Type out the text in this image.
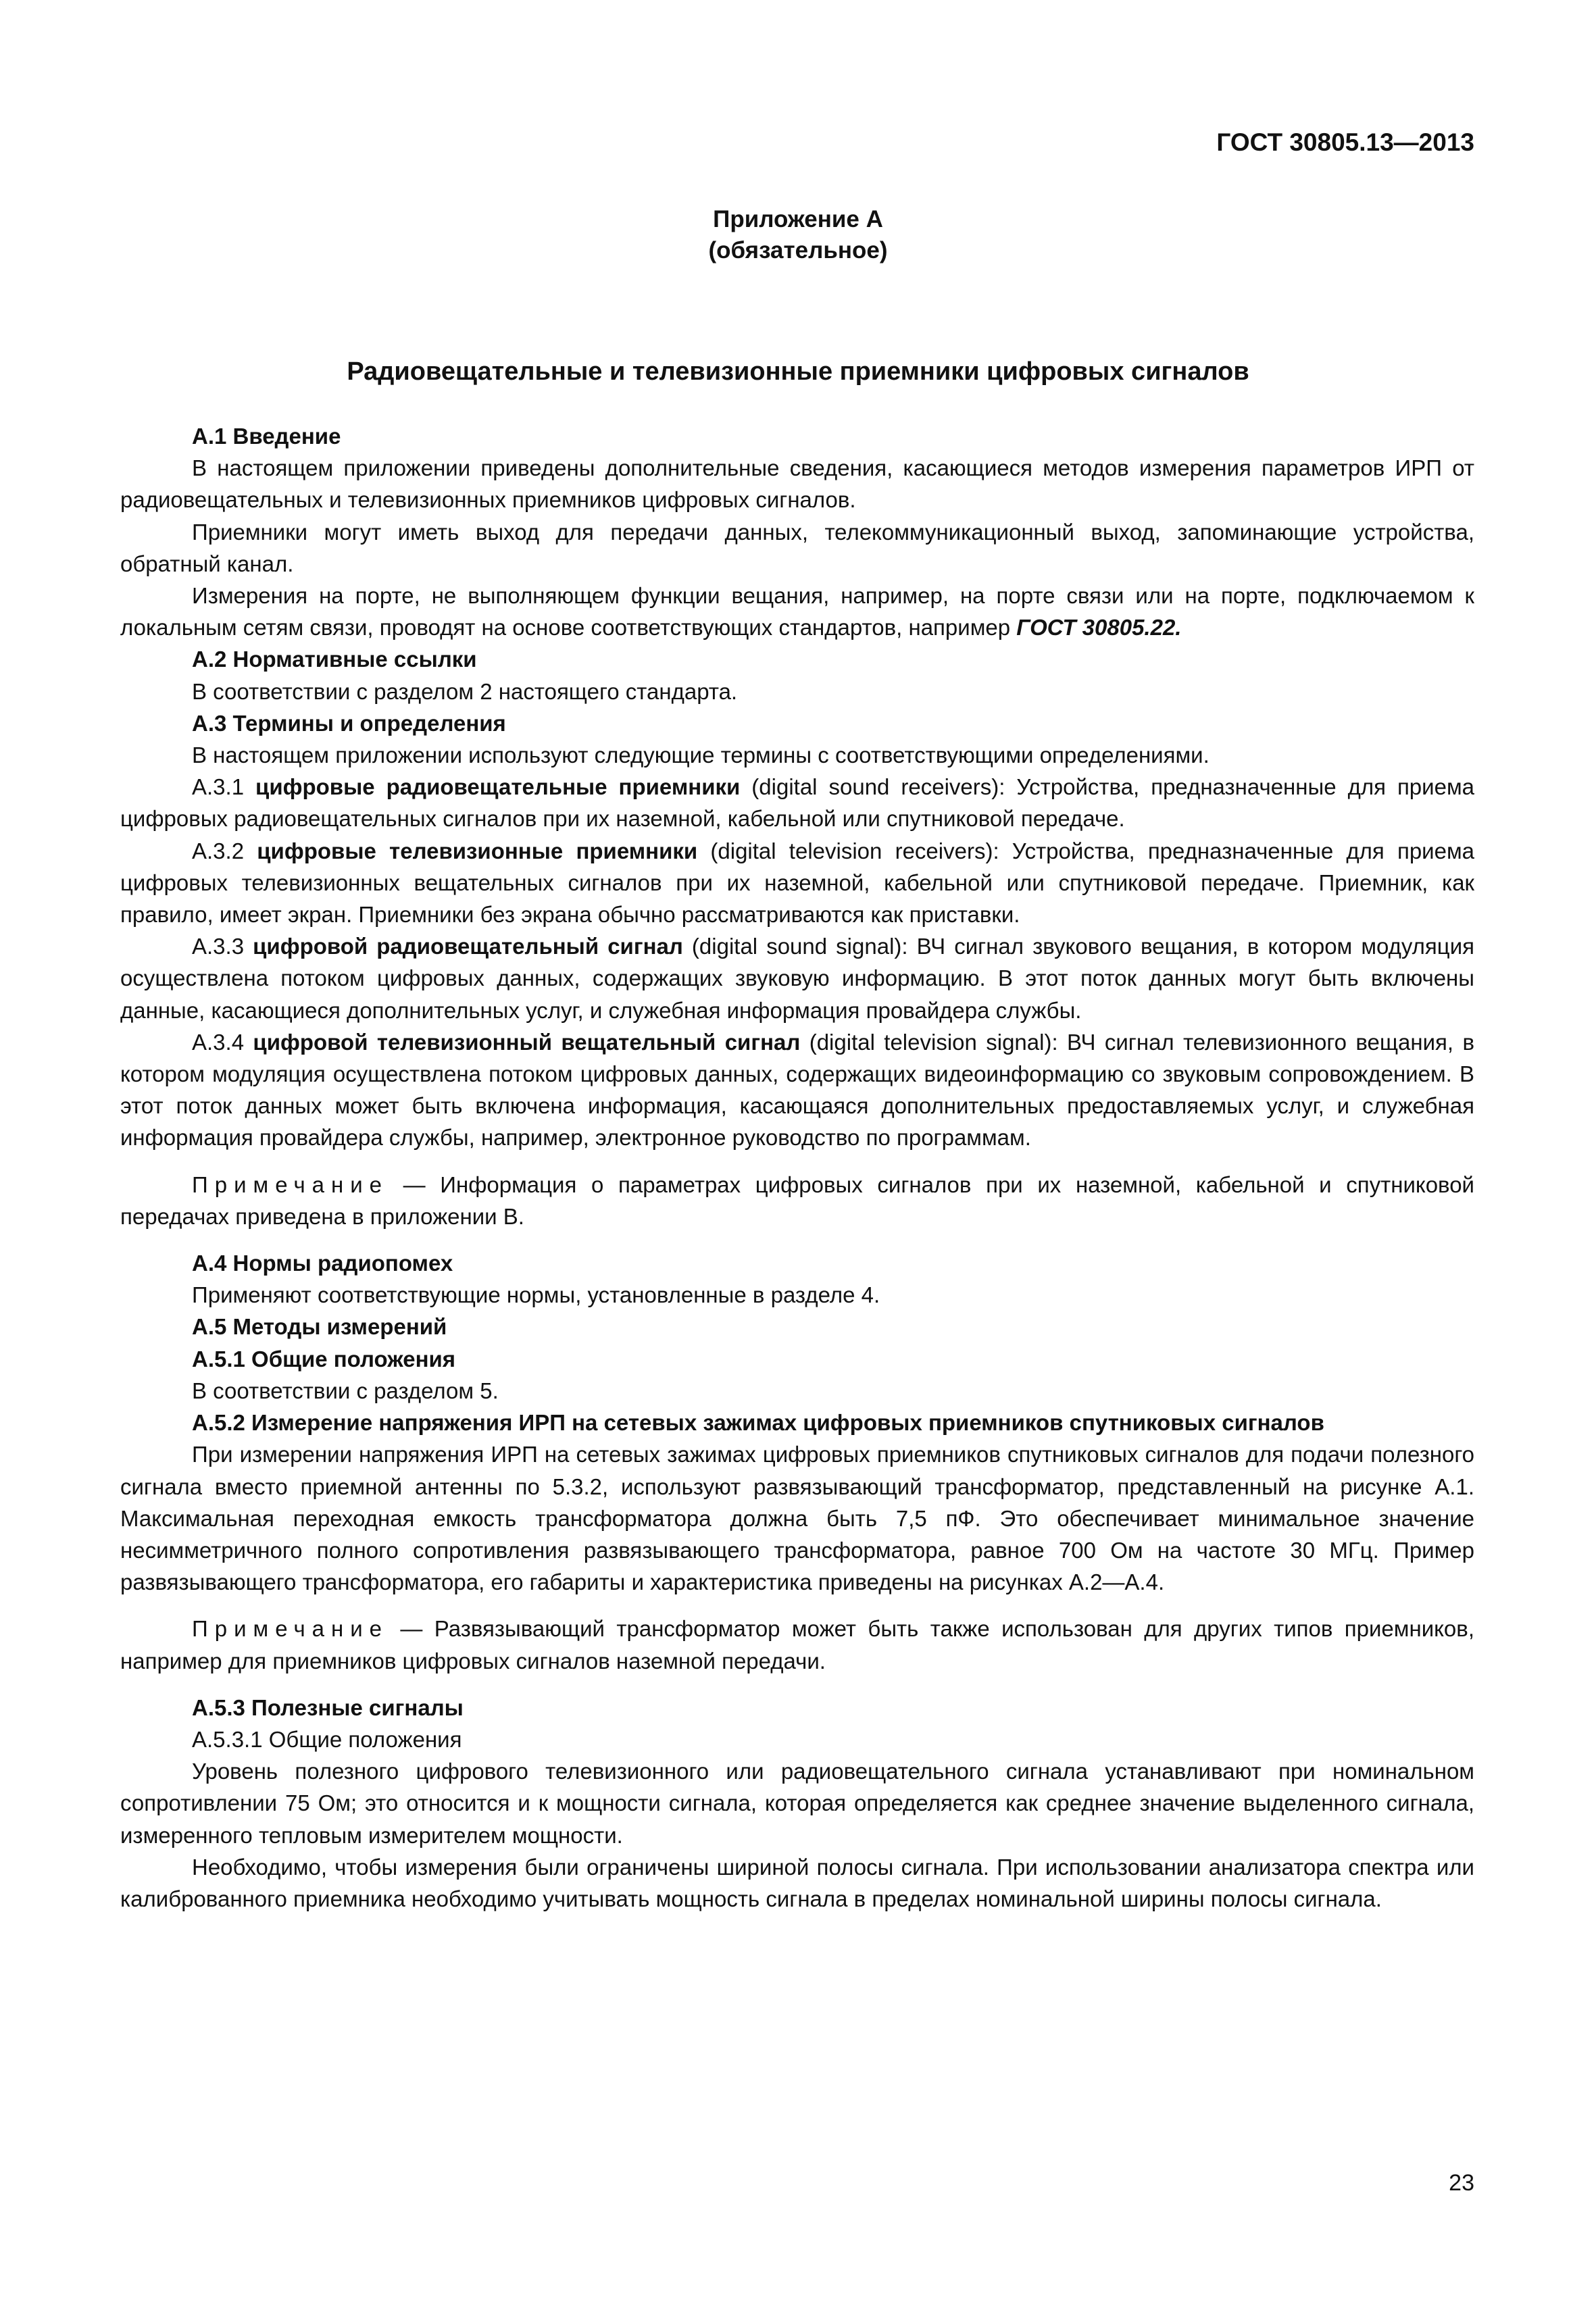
ГОСТ 30805.13—2013
Приложение А
(обязательное)
Радиовещательные и телевизионные приемники цифровых сигналов

А.1 Введение

В настоящем приложении приведены дополнительные сведения, касающиеся методов измерения параметров ИРП от радиовещательных и телевизионных приемников цифровых сигналов.

Приемники могут иметь выход для передачи данных, телекоммуникационный выход, запоминающие устройства, обратный канал.

Измерения на порте, не выполняющем функции вещания, например, на порте связи или на порте, подключаемом к локальным сетям связи, проводят на основе соответствующих стандартов, например ГОСТ 30805.22.

А.2 Нормативные ссылки

В соответствии с разделом 2 настоящего стандарта.

А.3 Термины и определения

В настоящем приложении используют следующие термины с соответствующими определениями.

А.3.1 цифровые радиовещательные приемники (digital sound receivers): Устройства, предназначенные для приема цифровых радиовещательных сигналов при их наземной, кабельной или спутниковой передаче.

А.3.2 цифровые телевизионные приемники (digital television receivers): Устройства, предназначенные для приема цифровых телевизионных вещательных сигналов при их наземной, кабельной или спутниковой передаче. Приемник, как правило, имеет экран. Приемники без экрана обычно рассматриваются как приставки.

А.3.3 цифровой радиовещательный сигнал (digital sound signal): ВЧ сигнал звукового вещания, в котором модуляция осуществлена потоком цифровых данных, содержащих звуковую информацию. В этот поток данных могут быть включены данные, касающиеся дополнительных услуг, и служебная информация провайдера службы.

А.3.4 цифровой телевизионный вещательный сигнал (digital television signal): ВЧ сигнал телевизионного вещания, в котором модуляция осуществлена потоком цифровых данных, содержащих видеоинформацию со звуковым сопровождением. В этот поток данных может быть включена информация, касающаяся дополнительных предоставляемых услуг, и служебная информация провайдера службы, например, электронное руководство по программам.

Примечание — Информация о параметрах цифровых сигналов при их наземной, кабельной и спутниковой передачах приведена в приложении В.

А.4 Нормы радиопомех

Применяют соответствующие нормы, установленные в разделе 4.

А.5 Методы измерений

А.5.1 Общие положения

В соответствии с разделом 5.

А.5.2 Измерение напряжения ИРП на сетевых зажимах цифровых приемников спутниковых сигналов

При измерении напряжения ИРП на сетевых зажимах цифровых приемников спутниковых сигналов для подачи полезного сигнала вместо приемной антенны по 5.3.2, используют развязывающий трансформатор, представленный на рисунке А.1. Максимальная переходная емкость трансформатора должна быть 7,5 пФ. Это обеспечивает минимальное значение несимметричного полного сопротивления развязывающего трансформатора, равное 700 Ом на частоте 30 МГц. Пример развязывающего трансформатора, его габариты и характеристика приведены на рисунках А.2—А.4.

Примечание — Развязывающий трансформатор может быть также использован для других типов приемников, например для приемников цифровых сигналов наземной передачи.

А.5.3 Полезные сигналы

А.5.3.1 Общие положения

Уровень полезного цифрового телевизионного или радиовещательного сигнала устанавливают при номинальном сопротивлении 75 Ом; это относится и к мощности сигнала, которая определяется как среднее значение выделенного сигнала, измеренного тепловым измерителем мощности.

Необходимо, чтобы измерения были ограничены шириной полосы сигнала. При использовании анализатора спектра или калиброванного приемника необходимо учитывать мощность сигнала в пределах номинальной ширины полосы сигнала.

23
